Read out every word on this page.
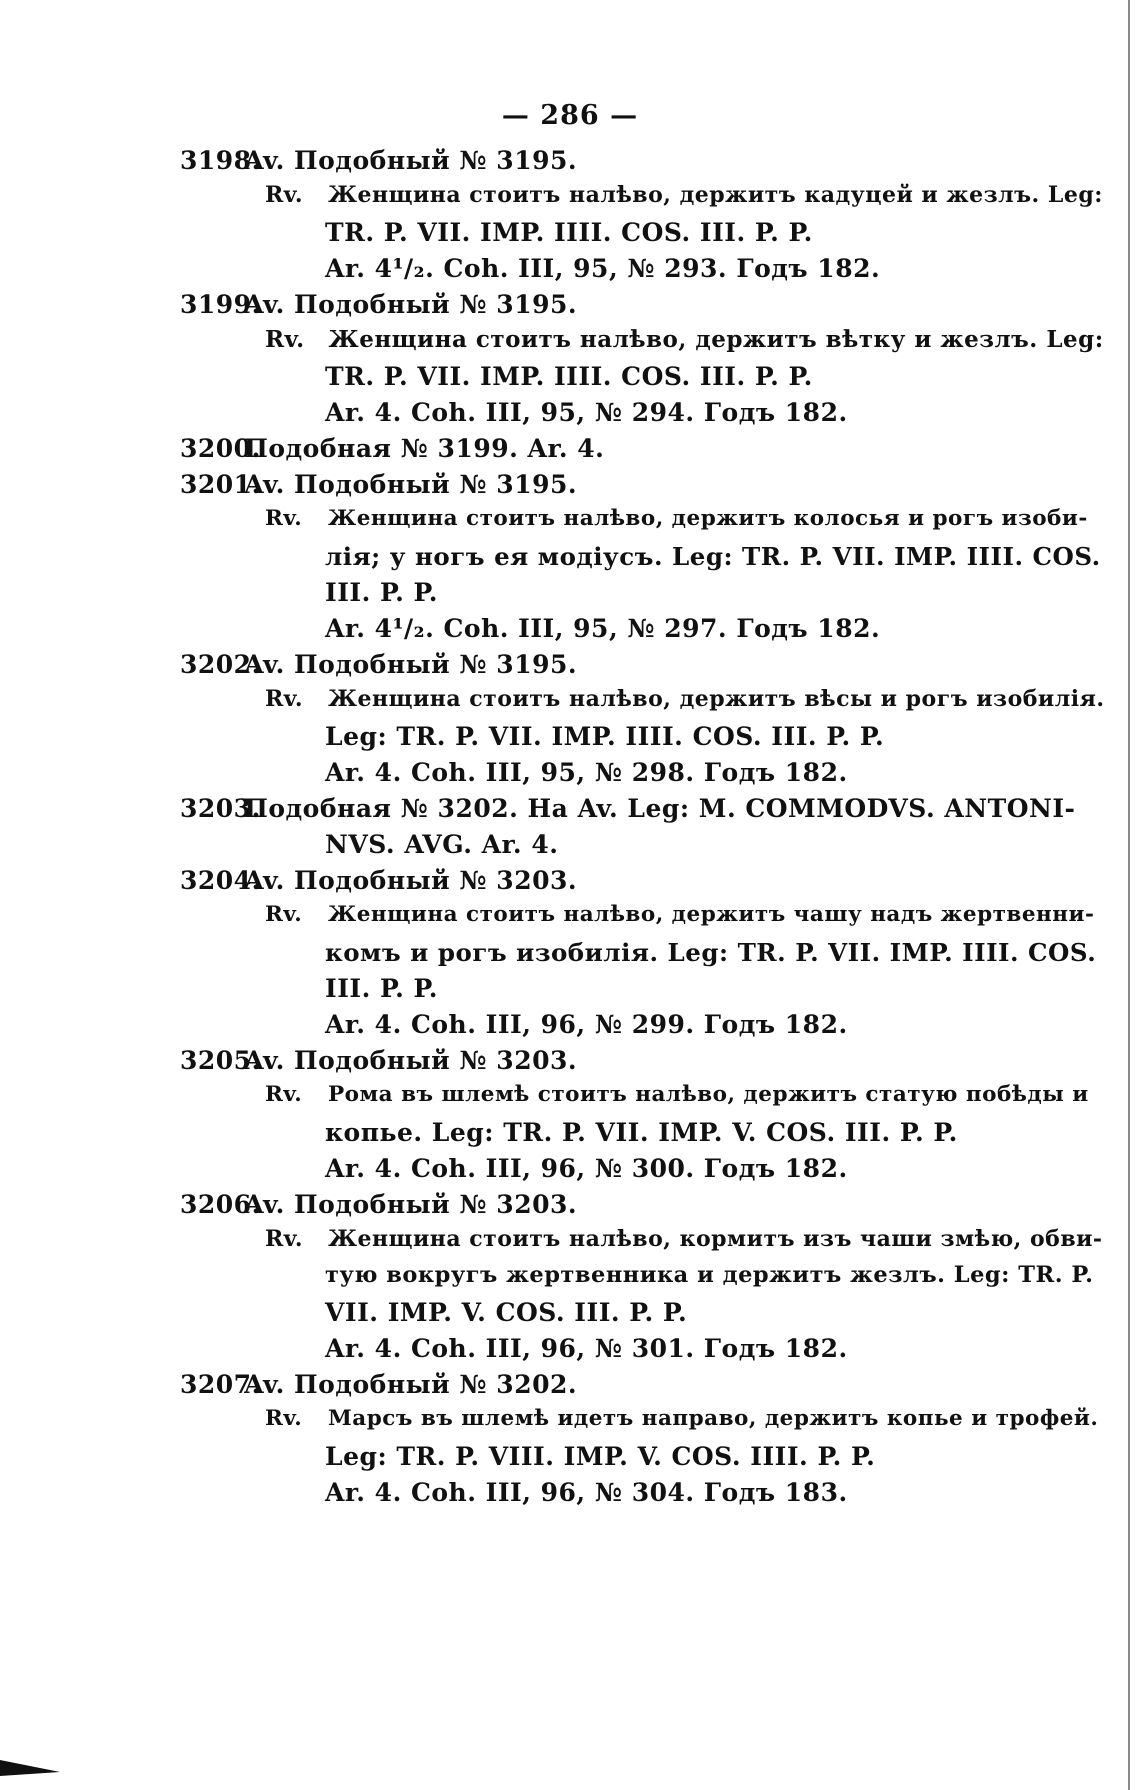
— 286 —
3198. Av. Подобный № 3195.
Rv. Женщина стоитъ налѣво, держитъ кадуцей и жезлъ. Leg:
TR. P. VII. IMP. IIII. COS. III. P. P.
Ar. 4¹/₂. Coh. III, 95, № 293. Годъ 182.
3199. Av. Подобный № 3195.
Rv. Женщина стоитъ налѣво, держитъ вѣтку и жезлъ. Leg:
TR. P. VII. IMP. IIII. COS. III. P. P.
Ar. 4. Coh. III, 95, № 294. Годъ 182.
3200. Подобная № 3199. Ar. 4.
3201. Av. Подобный № 3195.
Rv. Женщина стоитъ налѣво, держитъ колосья и рогъ изоби-
лія; у ногъ ея модіусъ. Leg: TR. P. VII. IMP. IIII. COS.
III. P. P.
Ar. 4¹/₂. Coh. III, 95, № 297. Годъ 182.
3202. Av. Подобный № 3195.
Rv. Женщина стоитъ налѣво, держитъ вѣсы и рогъ изобилія.
Leg: TR. P. VII. IMP. IIII. COS. III. P. P.
Ar. 4. Coh. III, 95, № 298. Годъ 182.
3203. Подобная № 3202. На Av. Leg: M. COMMODVS. ANTONI-
NVS. AVG. Ar. 4.
3204. Av. Подобный № 3203.
Rv. Женщина стоитъ налѣво, держитъ чашу надъ жертвенни-
комъ и рогъ изобилія. Leg: TR. P. VII. IMP. IIII. COS.
III. P. P.
Ar. 4. Coh. III, 96, № 299. Годъ 182.
3205. Av. Подобный № 3203.
Rv. Рома въ шлемѣ стоитъ налѣво, держитъ статую побѣды и
копье. Leg: TR. P. VII. IMP. V. COS. III. P. P.
Ar. 4. Coh. III, 96, № 300. Годъ 182.
3206. Av. Подобный № 3203.
Rv. Женщина стоитъ налѣво, кормитъ изъ чаши змѣю, обви-
тую вокругъ жертвенника и держитъ жезлъ. Leg: TR. P.
VII. IMP. V. COS. III. P. P.
Ar. 4. Coh. III, 96, № 301. Годъ 182.
3207. Av. Подобный № 3202.
Rv. Марсъ въ шлемѣ идетъ направо, держитъ копье и трофей.
Leg: TR. P. VIII. IMP. V. COS. IIII. P. P.
Ar. 4. Coh. III, 96, № 304. Годъ 183.
